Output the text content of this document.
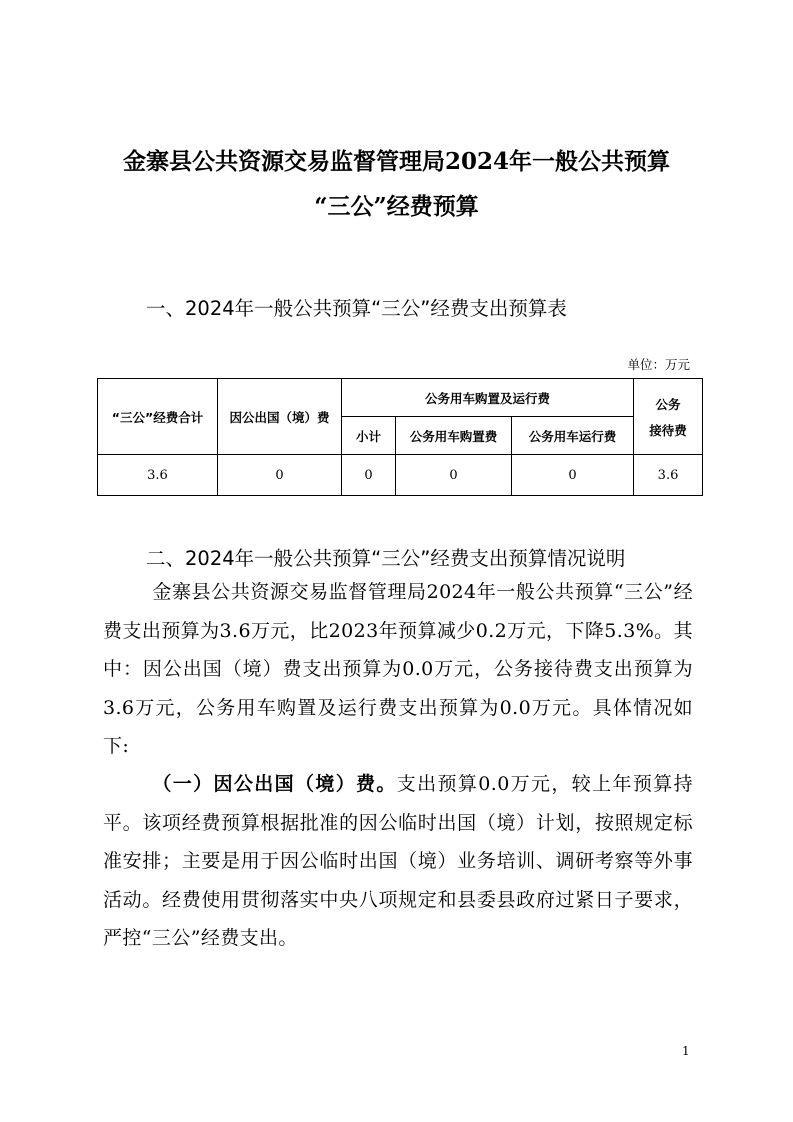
金寨县公共资源交易监督管理局2024年一般公共预算
“三公”经费预算
一、2024年一般公共预算“三公”经费支出预算表
单位：万元
“三公”经费合计	因公出国（境）费	公务用车购置及运行费			公务
接待费

		小计	公务用车购置费	公务用车运行费	
3.6	0	0	0	0	3.6
二、2024年一般公共预算“三公”经费支出预算情况说明
金寨县公共资源交易监督管理局2024年一般公共预算“三公”经费支出预算为3.6万元，比2023年预算减少0.2万元，下降5.3%。其中：因公出国（境）费支出预算为0.0万元，公务接待费支出预算为3.6万元，公务用车购置及运行费支出预算为0.0万元。具体情况如下:
（一）因公出国（境）费。支出预算0.0万元，较上年预算持平。该项经费预算根据批准的因公临时出国（境）计划，按照规定标准安排；主要是用于因公临时出国（境）业务培训、调研考察等外事活动。经费使用贯彻落实中央八项规定和县委县政府过紧日子要求，严控“三公”经费支出。
1
